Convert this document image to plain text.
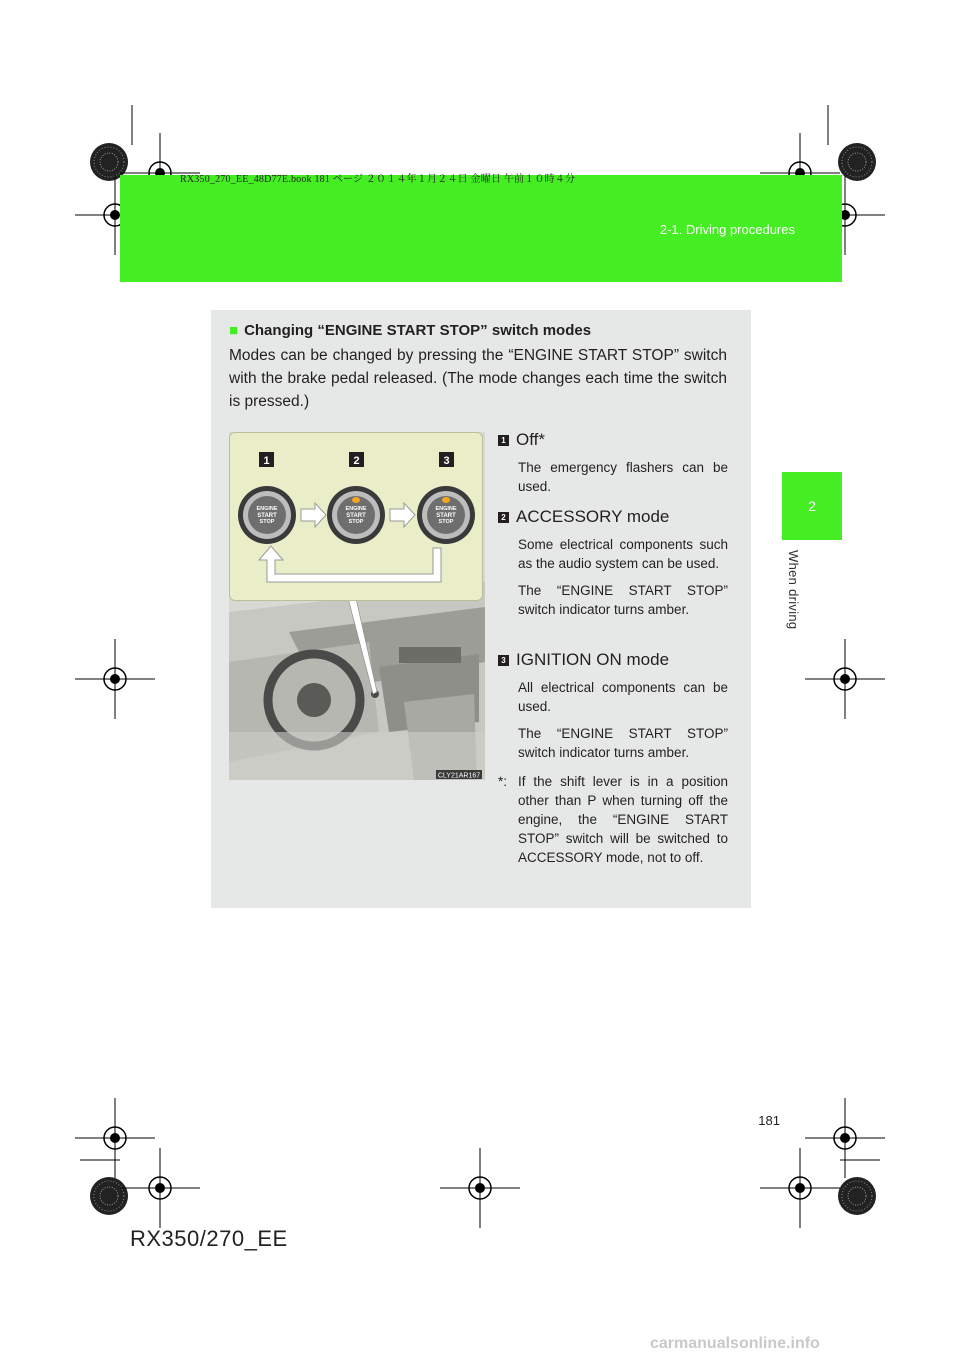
RX350_270_EE_48D77E.book 181 ページ ２０１４年１月２４日 金曜日 午前１０時４分
2-1. Driving procedures
2
When driving
■ Changing “ENGINE START STOP” switch modes
Modes can be changed by pressing the “ENGINE START STOP” switch with the brake pedal released. (The mode changes each time the switch is pressed.)
1	2	3
ENGINE
START
STOP
ENGINE
START
STOP
ENGINE
START
STOP
CLY21AR167
1 Off*
The emergency flashers can be used.
2 ACCESSORY mode
Some electrical components such as the audio system can be used.
The “ENGINE START STOP” switch indicator turns amber.
3 IGNITION ON mode
All electrical components can be used.
The “ENGINE START STOP” switch indicator turns amber.
*: If the shift lever is in a position other than P when turning off the engine, the “ENGINE START STOP” switch will be switched to ACCESSORY mode, not to off.
181
RX350/270_EE
carmanualsonline.info
